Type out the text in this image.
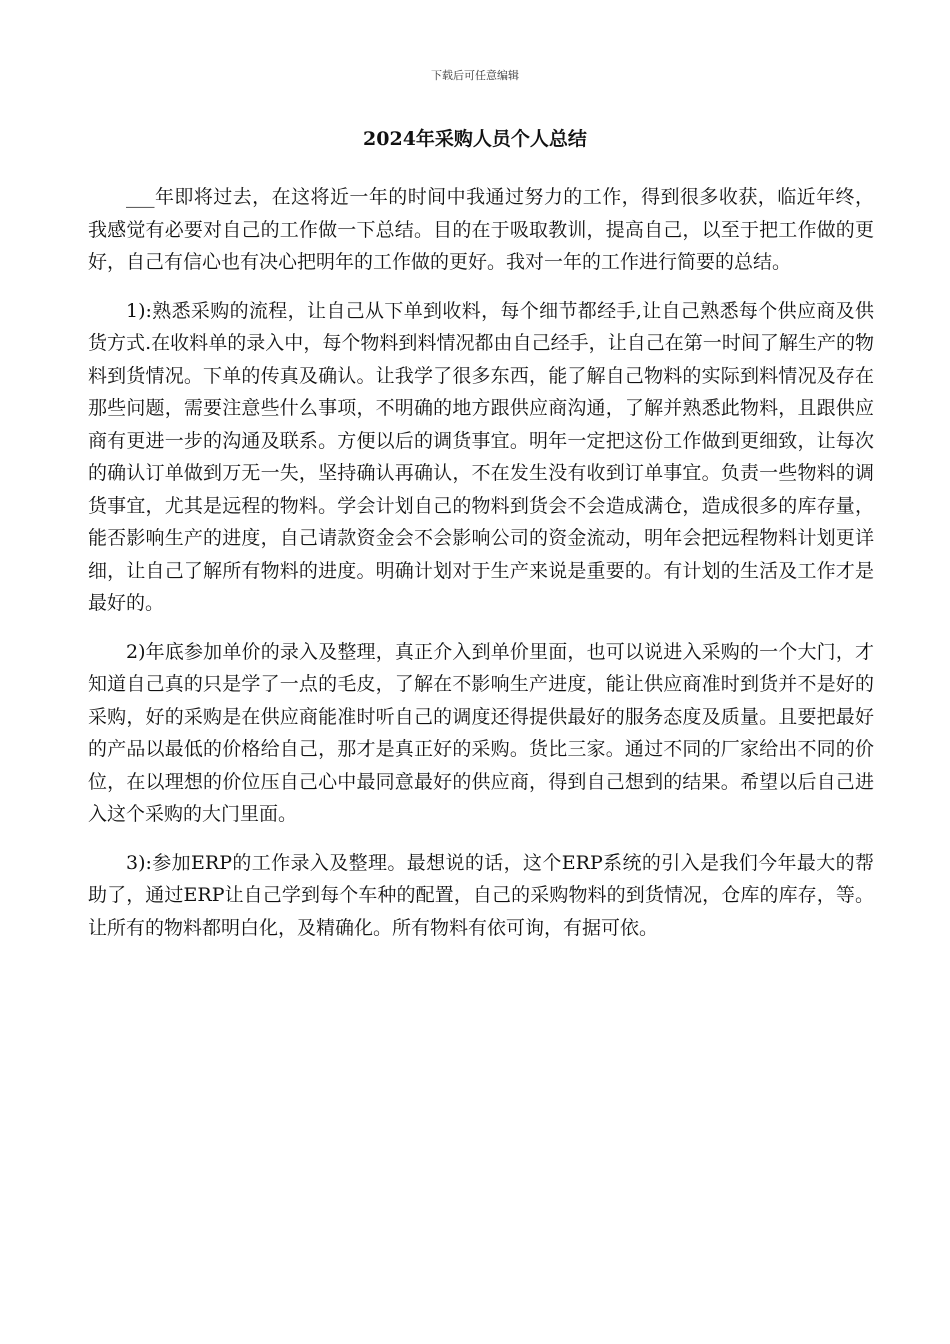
下载后可任意编辑
2024年采购人员个人总结

___年即将过去，在这将近一年的时间中我通过努力的工作，得到很多收获，临近年终，我感觉有必要对自己的工作做一下总结。目的在于吸取教训，提高自己，以至于把工作做的更好，自己有信心也有决心把明年的工作做的更好。我对一年的工作进行简要的总结。

1):熟悉采购的流程，让自己从下单到收料，每个细节都经手,让自己熟悉每个供应商及供货方式.在收料单的录入中，每个物料到料情况都由自己经手，让自己在第一时间了解生产的物料到货情况。下单的传真及确认。让我学了很多东西，能了解自己物料的实际到料情况及存在那些问题，需要注意些什么事项，不明确的地方跟供应商沟通，了解并熟悉此物料，且跟供应商有更进一步的沟通及联系。方便以后的调货事宜。明年一定把这份工作做到更细致，让每次的确认订单做到万无一失，坚持确认再确认，不在发生没有收到订单事宜。负责一些物料的调货事宜，尤其是远程的物料。学会计划自己的物料到货会不会造成满仓，造成很多的库存量，能否影响生产的进度，自己请款资金会不会影响公司的资金流动，明年会把远程物料计划更详细，让自己了解所有物料的进度。明确计划对于生产来说是重要的。有计划的生活及工作才是最好的。

2)年底参加单价的录入及整理，真正介入到单价里面，也可以说进入采购的一个大门，才知道自己真的只是学了一点的毛皮，了解在不影响生产进度，能让供应商准时到货并不是好的采购，好的采购是在供应商能准时听自己的调度还得提供最好的服务态度及质量。且要把最好的产品以最低的价格给自己，那才是真正好的采购。货比三家。通过不同的厂家给出不同的价位，在以理想的价位压自己心中最同意最好的供应商，得到自己想到的结果。希望以后自己进入这个采购的大门里面。

3):参加ERP的工作录入及整理。最想说的话，这个ERP系统的引入是我们今年最大的帮助了，通过ERP让自己学到每个车种的配置，自己的采购物料的到货情况，仓库的库存，等。让所有的物料都明白化，及精确化。所有物料有依可询，有据可依。
